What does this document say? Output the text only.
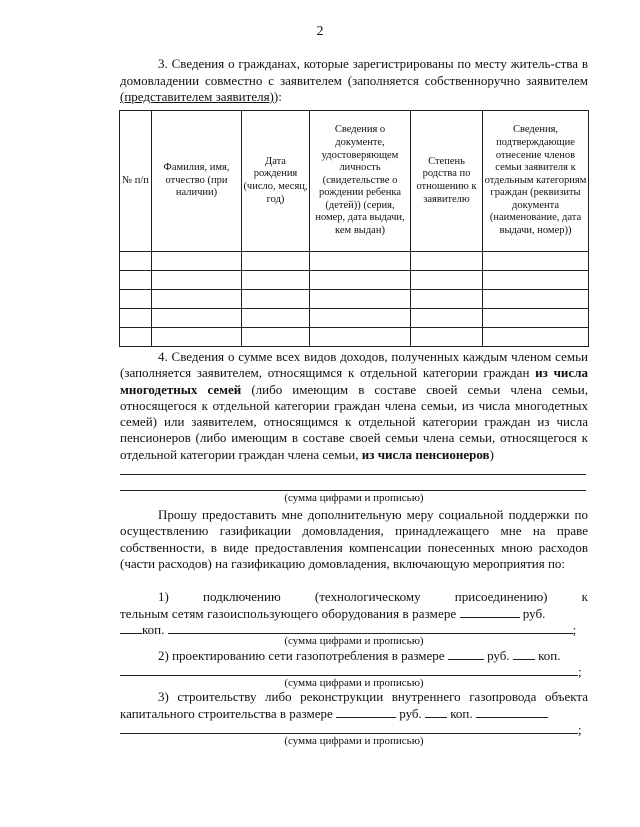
2
3. Сведения о гражданах, которые зарегистрированы по месту житель-ства в домовладении совместно с заявителем (заполняется собственноручно заявителем (представителем заявителя)):
№ п/п	Фамилия, имя, отчество (при наличии)	Дата рождения (число, месяц, год)	Сведения о документе, удостоверяющем личность (свидетельстве о рождении ребенка (детей)) (серия, номер, дата выдачи, кем выдан)	Степень родства по отношению к заявителю	Сведения, подтверждающие отнесение членов семьи заявителя к отдельным категориям граждан (реквизиты документа (наименование, дата выдачи, номер))

4. Сведения о сумме всех видов доходов, полученных каждым членом семьи (заполняется заявителем, относящимся к отдельной категории граждан из числа многодетных семей (либо имеющим в составе своей семьи члена семьи, относящегося к отдельной категории граждан члена семьи, из числа многодетных семей) или заявителем, относящимся к отдельной категории граждан из числа пенсионеров (либо имеющим в составе своей семьи члена семьи, относящегося к отдельной категории граждан члена семьи, из числа пенсионеров)
(сумма цифрами и прописью)
Прошу предоставить мне дополнительную меру социальной поддержки по осуществлению газификации домовладения, принадлежащего мне на праве собственности, в виде предоставления компенсации понесенных мною расходов (части расходов) на газификацию домовладения, включающую мероприятия по:
1) подключению (технологическому присоединению) к
тельным сетям газоиспользующего оборудования в размере	руб.
коп.	;
(сумма цифрами и прописью)
2) проектированию сети газопотребления в размере	руб. коп.
;
(сумма цифрами и прописью)
3) строительству либо реконструкции внутреннего газопровода объекта
капитального строительства в размере	руб. коп.
;
(сумма цифрами и прописью)
